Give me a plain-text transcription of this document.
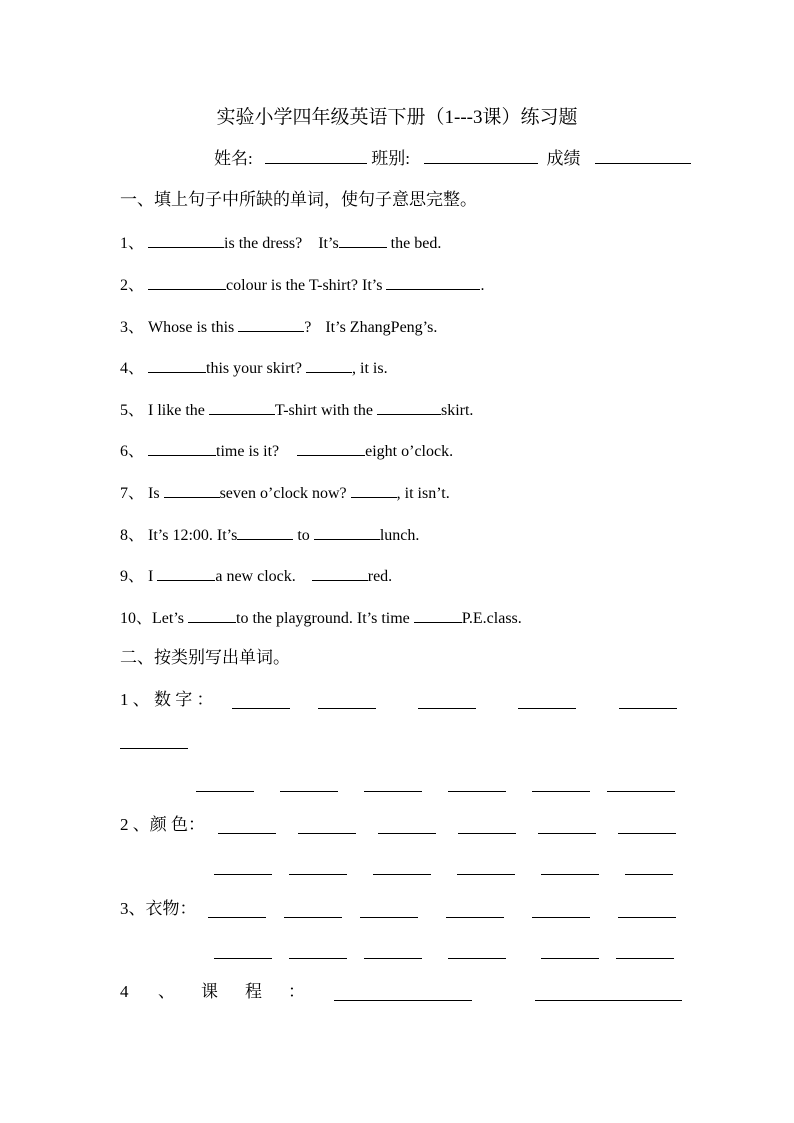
实验小学四年级英语下册（1---3课）练习题
姓名:	班别:	成绩
一、填上句子中所缺的单词，使句子意思完整。
1、	is the dress? It’s	the bed.
2、	colour is the T-shirt? It’s	.
3、 Whose is this	? It’s ZhangPeng’s.
4、	this your skirt?	, it is.
5、 I like the	T-shirt with the	skirt.
6、	time is it?	eight o’clock.
7、 Is	seven o’clock now?	, it isn’t.
8、 It’s 12:00. It’s	to	lunch.
9、 I	a new clock.	red.
10、Let’s	to the playground. It’s time	P.E.class.
二、按类别写出单词。
1 、 数 字 ：
2 、颜 色：
3、衣物：
4 、 课 程 ：
